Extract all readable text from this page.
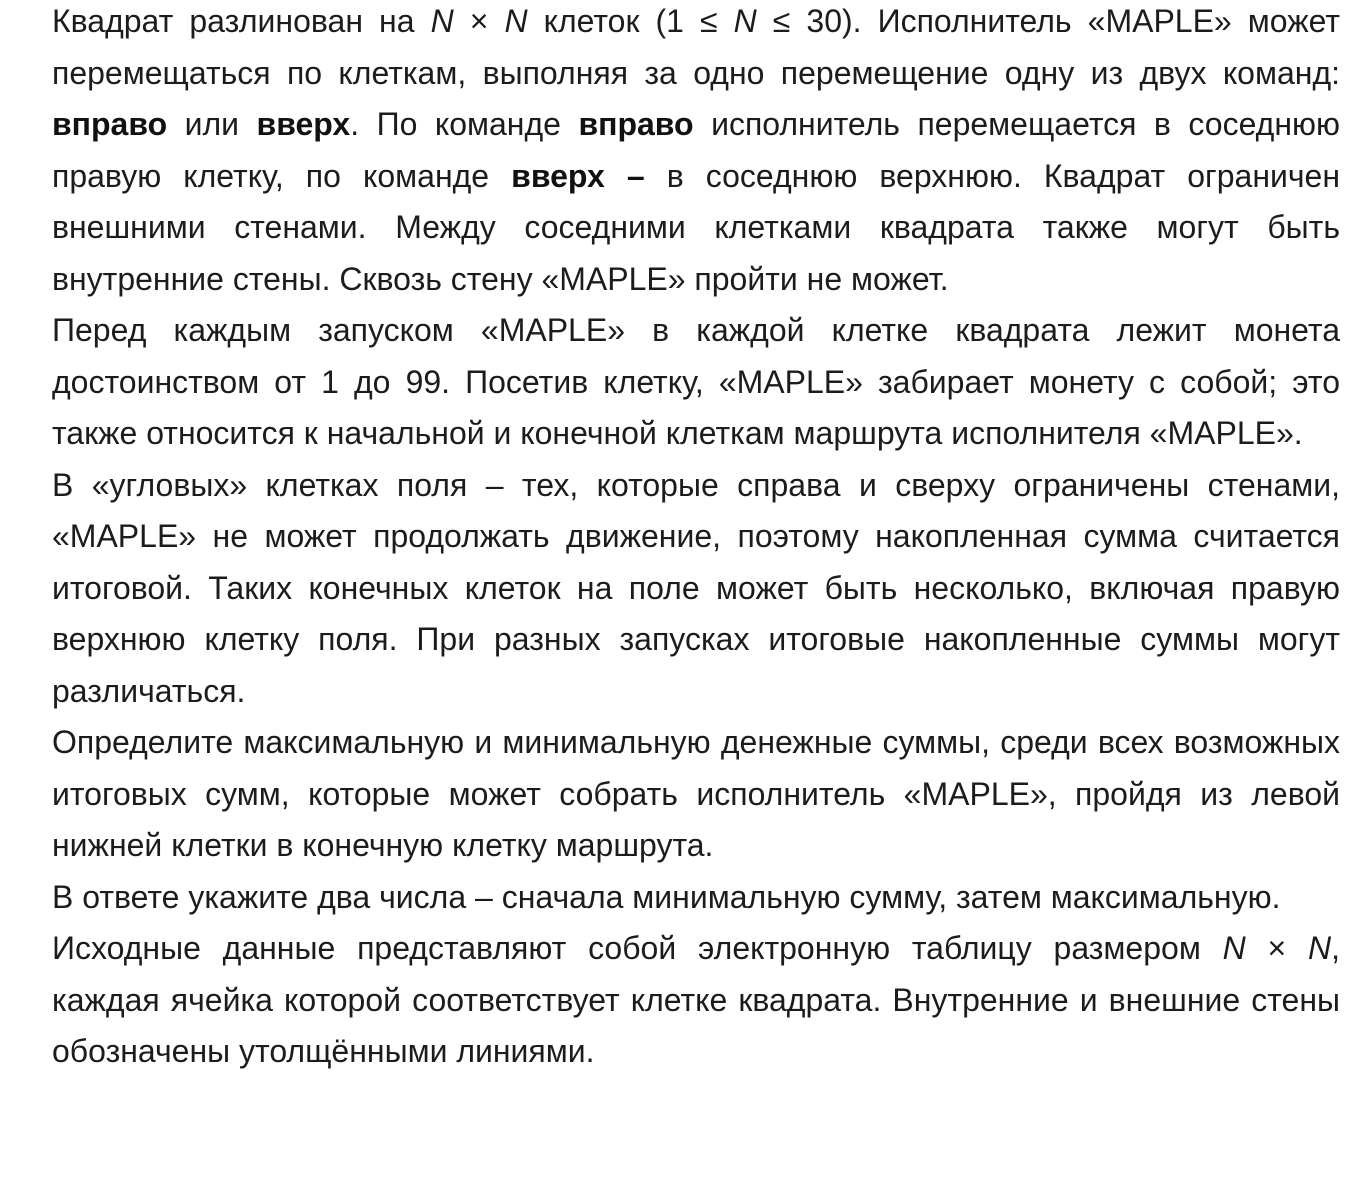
Квадрат разлинован на N × N клеток (1 ≤ N ≤ 30). Исполнитель «MAPLE» может перемещаться по клеткам, выполняя за одно перемещение одну из двух команд: вправо или вверх. По команде вправо исполнитель перемещается в соседнюю правую клетку, по команде вверх – в соседнюю верхнюю. Квадрат ограничен внешними стенами. Между соседними клетками квадрата также могут быть внутренние стены. Сквозь стену «MAPLE» пройти не может.

Перед каждым запуском «MAPLE» в каждой клетке квадрата лежит монета достоинством от 1 до 99. Посетив клетку, «MAPLE» забирает монету с собой; это также относится к начальной и конечной клеткам маршрута исполнителя «MAPLE».

В «угловых» клетках поля – тех, которые справа и сверху ограничены стенами, «MAPLE» не может продолжать движение, поэтому накопленная сумма считается итоговой. Таких конечных клеток на поле может быть несколько, включая правую верхнюю клетку поля. При разных запусках итоговые накопленные суммы могут различаться.

Определите максимальную и минимальную денежные суммы, среди всех возможных итоговых сумм, которые может собрать исполнитель «MAPLE», пройдя из левой нижней клетки в конечную клетку маршрута.

В ответе укажите два числа – сначала минимальную сумму, затем максимальную.

Исходные данные представляют собой электронную таблицу размером N × N, каждая ячейка которой соответствует клетке квадрата. Внутренние и внешние стены обозначены утолщёнными линиями.
